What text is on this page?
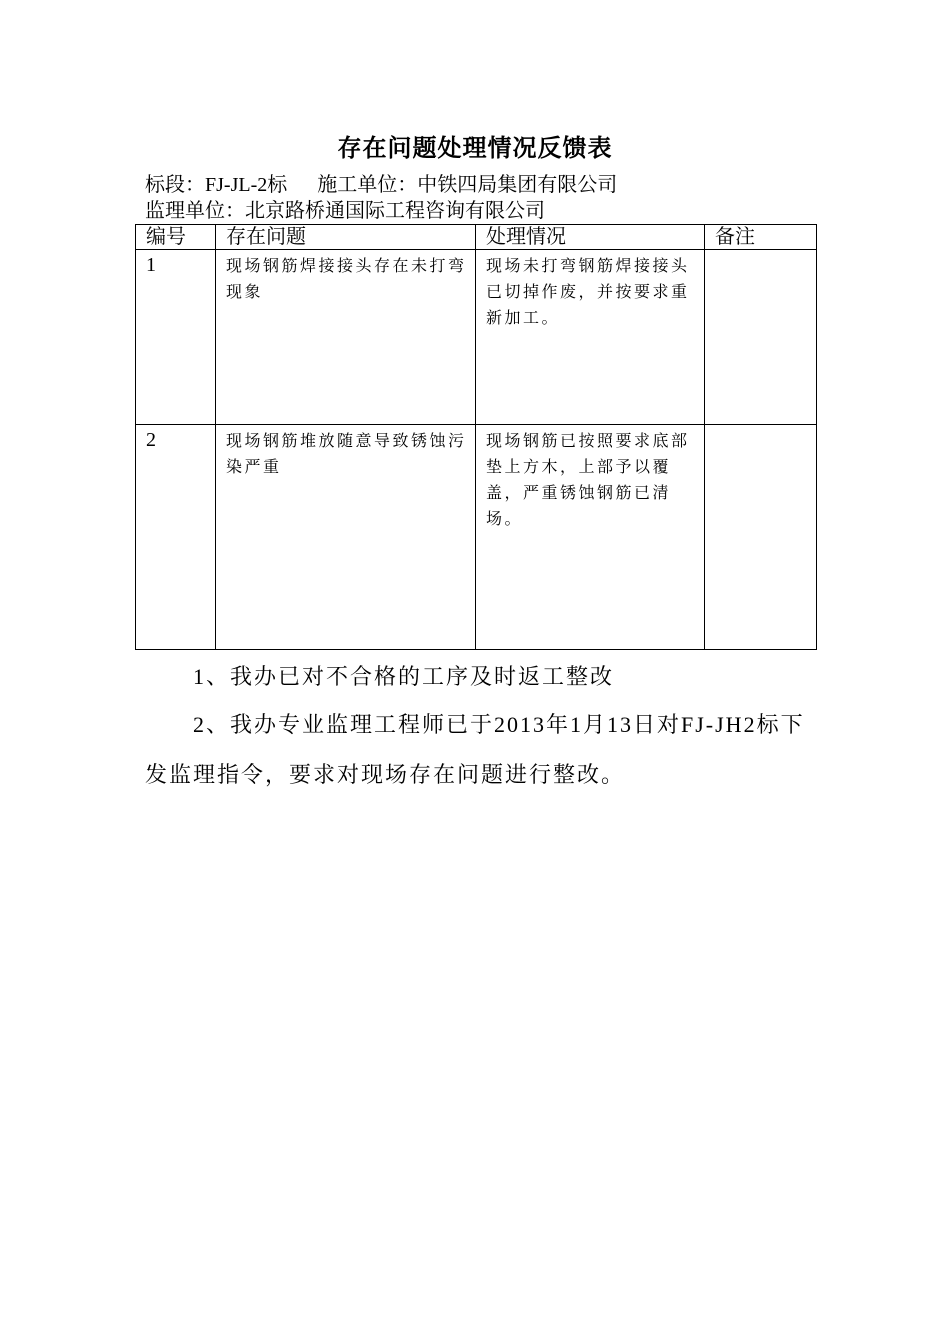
存在问题处理情况反馈表
标段：FJ-JL-2标 施工单位：中铁四局集团有限公司
监理单位：北京路桥通国际工程咨询有限公司
编号	存在问题	处理情况	备注
1	现场钢筋焊接接头存在未打弯现象	现场未打弯钢筋焊接接头已切掉作废，并按要求重新加工。	
2	现场钢筋堆放随意导致锈蚀污染严重	现场钢筋已按照要求底部垫上方木，上部予以覆盖，严重锈蚀钢筋已清场。	
1、我办已对不合格的工序及时返工整改
2、我办专业监理工程师已于2013年1月13日对FJ-JH2标下发监理指令，要求对现场存在问题进行整改。
